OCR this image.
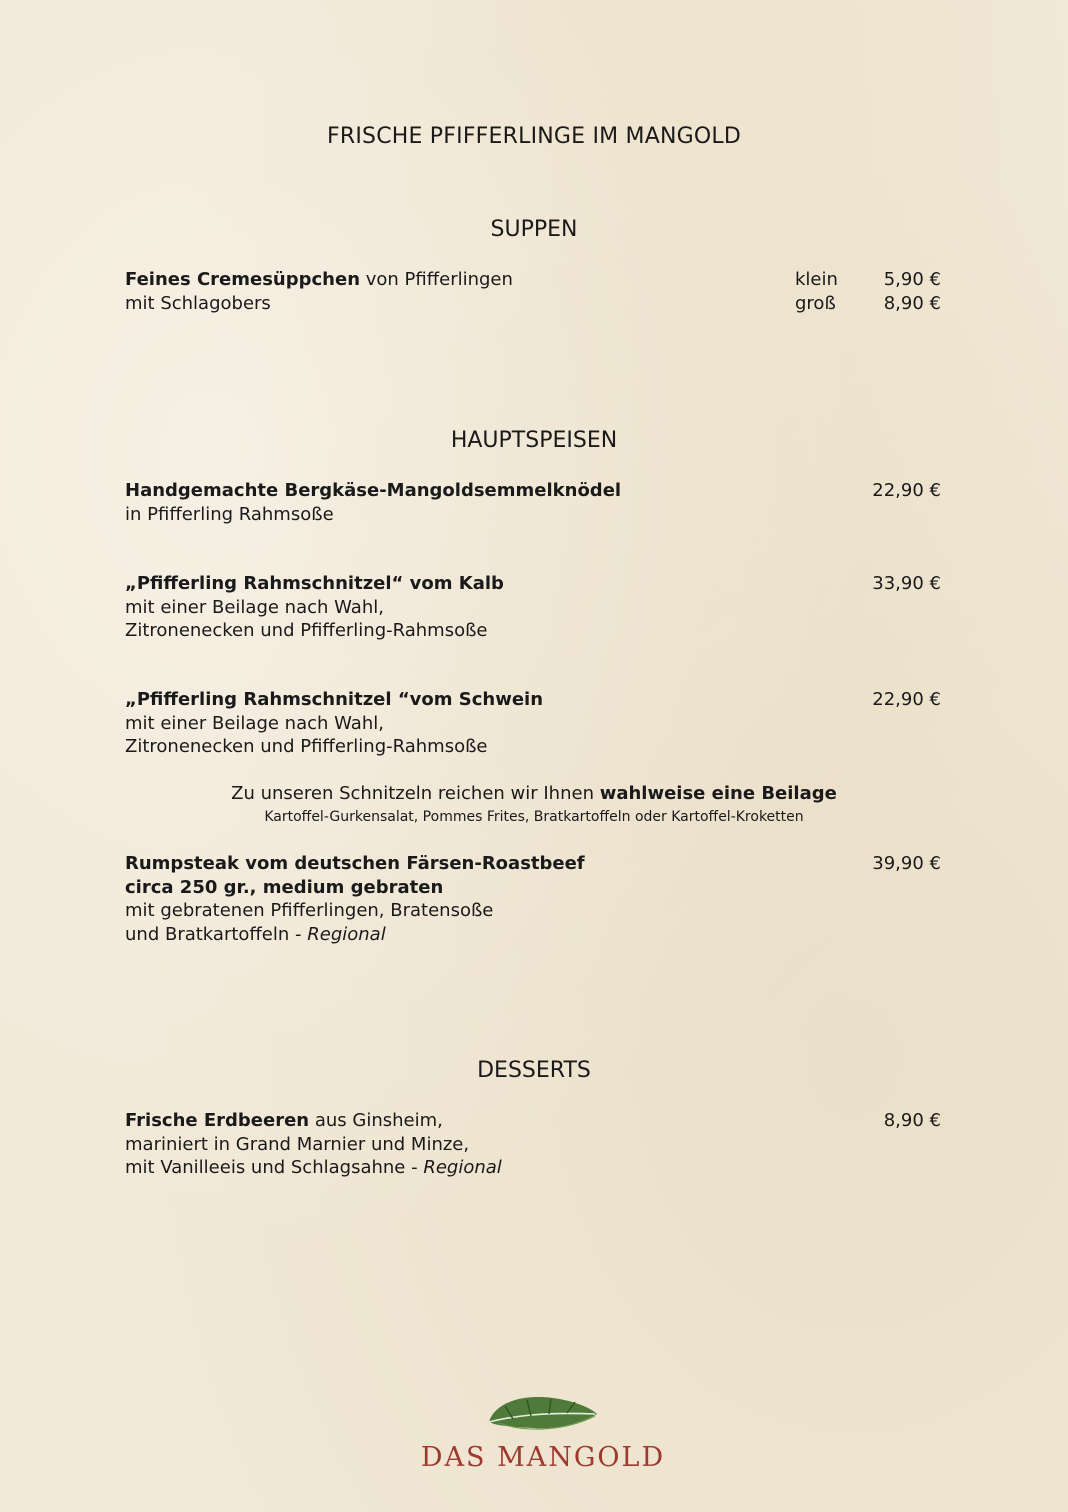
FRISCHE PFIFFERLINGE IM MANGOLD
SUPPEN
Feines Cremesüppchen von Pfifferlingen
mit Schlagobers
klein	5,90 €
groß	8,90 €
HAUPTSPEISEN
Handgemachte Bergkäse-Mangoldsemmelknödel
in Pfifferling Rahmsoße
22,90 €
„Pfifferling Rahmschnitzel“ vom Kalb
mit einer Beilage nach Wahl,
Zitronenecken und Pfifferling-Rahmsoße
33,90 €
„Pfifferling Rahmschnitzel “vom Schwein
mit einer Beilage nach Wahl,
Zitronenecken und Pfifferling-Rahmsoße
22,90 €
Zu unseren Schnitzeln reichen wir Ihnen wahlweise eine Beilage
Kartoffel-Gurkensalat, Pommes Frites, Bratkartoffeln oder Kartoffel-Kroketten
Rumpsteak vom deutschen Färsen-Roastbeef
circa 250 gr., medium gebraten
mit gebratenen Pfifferlingen, Bratensoße
und Bratkartoffeln - Regional
39,90 €
DESSERTS
Frische Erdbeeren aus Ginsheim,
mariniert in Grand Marnier und Minze,
mit Vanilleeis und Schlagsahne - Regional
8,90 €
DAS MANGOLD
